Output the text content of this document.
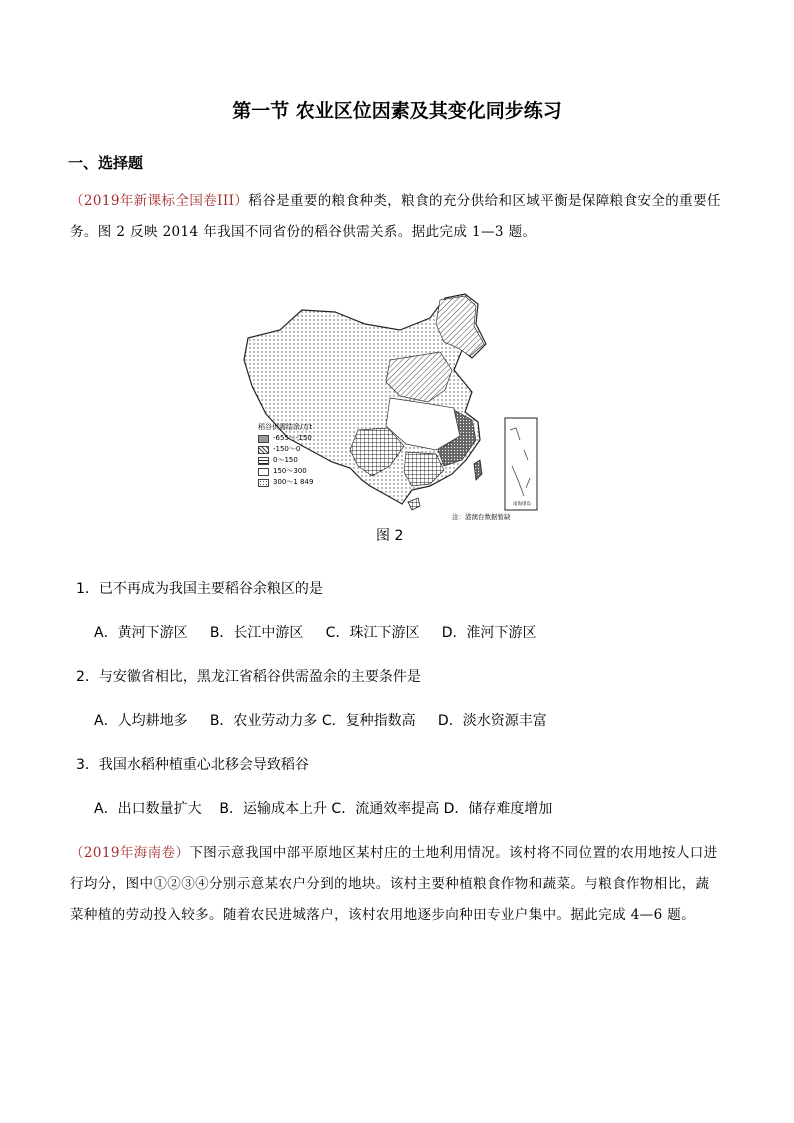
第一节 农业区位因素及其变化同步练习
一、选择题
（2019年新课标全国卷III）稻谷是重要的粮食种类，粮食的充分供给和区域平衡是保障粮食安全的重要任
务。图 2 反映 2014 年我国不同省份的稻谷供需关系。据此完成 1—3 题。
南海诸岛
稻谷供需结余/万t
-655～-150
-150～0
0～150
150～300
300～1 849
注：港澳台数据暂缺
图 2
1．已不再成为我国主要稻谷余粮区的是
A．黄河下游区     B．长江中游区     C．珠江下游区     D．淮河下游区
2．与安徽省相比，黑龙江省稻谷供需盈余的主要条件是
A．人均耕地多     B．农业劳动力多 C．复种指数高     D．淡水资源丰富
3．我国水稻种植重心北移会导致稻谷
A．出口数量扩大    B．运输成本上升 C．流通效率提高 D．储存难度增加
（2019年海南卷）下图示意我国中部平原地区某村庄的土地利用情况。该村将不同位置的农用地按人口进
行均分，图中①②③④分别示意某农户分到的地块。该村主要种植粮食作物和蔬菜。与粮食作物相比，蔬
菜种植的劳动投入较多。随着农民进城落户，该村农用地逐步向种田专业户集中。据此完成 4—6 题。
